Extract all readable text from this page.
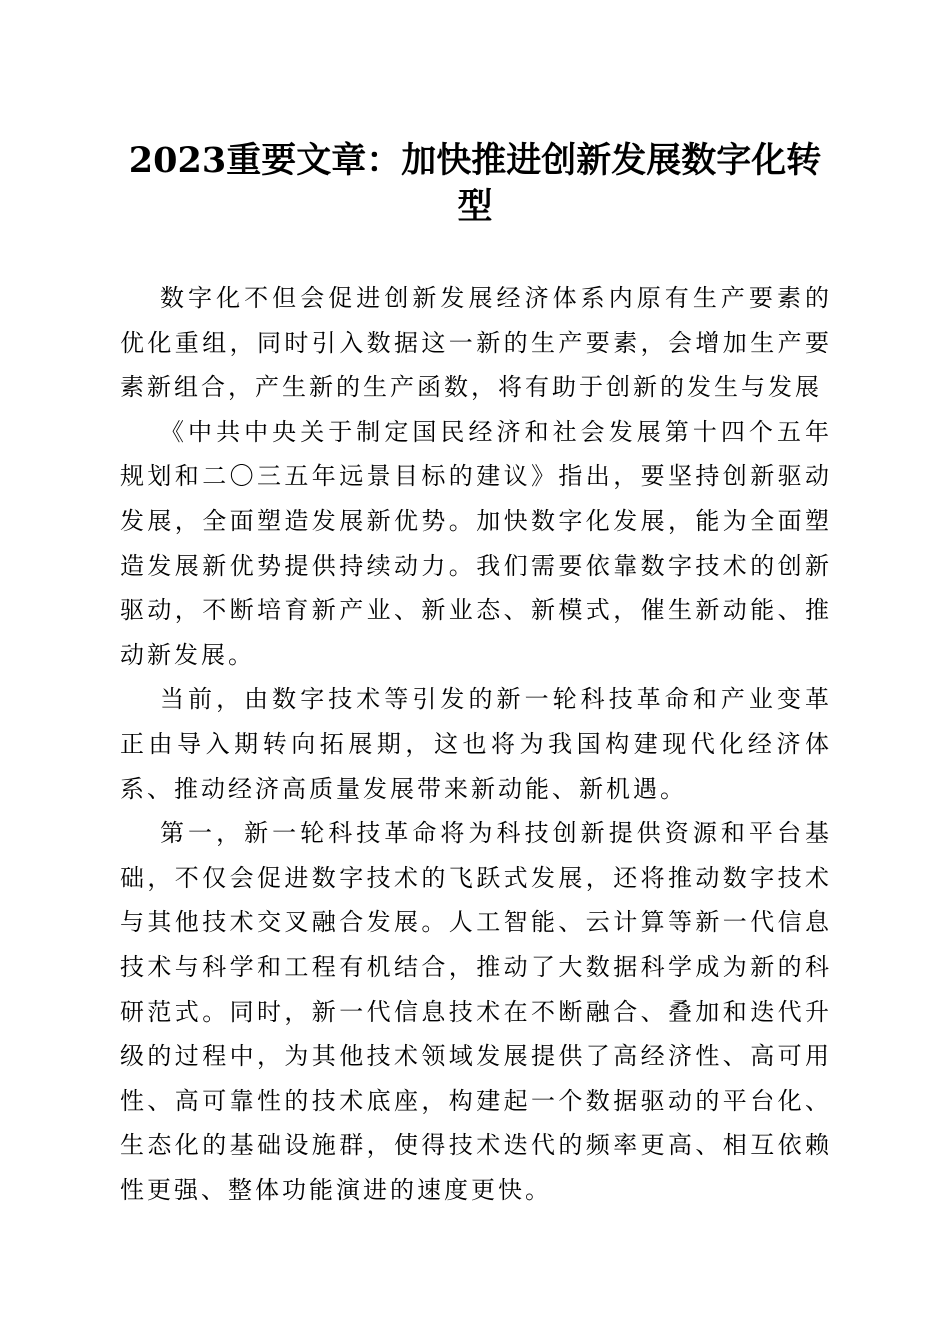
2023重要文章：加快推进创新发展数字化转型

数字化不但会促进创新发展经济体系内原有生产要素的优化重组，同时引入数据这一新的生产要素，会增加生产要素新组合，产生新的生产函数，将有助于创新的发生与发展

《中共中央关于制定国民经济和社会发展第十四个五年规划和二〇三五年远景目标的建议》指出，要坚持创新驱动发展，全面塑造发展新优势。加快数字化发展，能为全面塑造发展新优势提供持续动力。我们需要依靠数字技术的创新驱动，不断培育新产业、新业态、新模式，催生新动能、推动新发展。

当前，由数字技术等引发的新一轮科技革命和产业变革正由导入期转向拓展期，这也将为我国构建现代化经济体系、推动经济高质量发展带来新动能、新机遇。

第一，新一轮科技革命将为科技创新提供资源和平台基础，不仅会促进数字技术的飞跃式发展，还将推动数字技术与其他技术交叉融合发展。人工智能、云计算等新一代信息技术与科学和工程有机结合，推动了大数据科学成为新的科研范式。同时，新一代信息技术在不断融合、叠加和迭代升级的过程中，为其他技术领域发展提供了高经济性、高可用性、高可靠性的技术底座，构建起一个数据驱动的平台化、生态化的基础设施群，使得技术迭代的频率更高、相互依赖性更强、整体功能演进的速度更快。
